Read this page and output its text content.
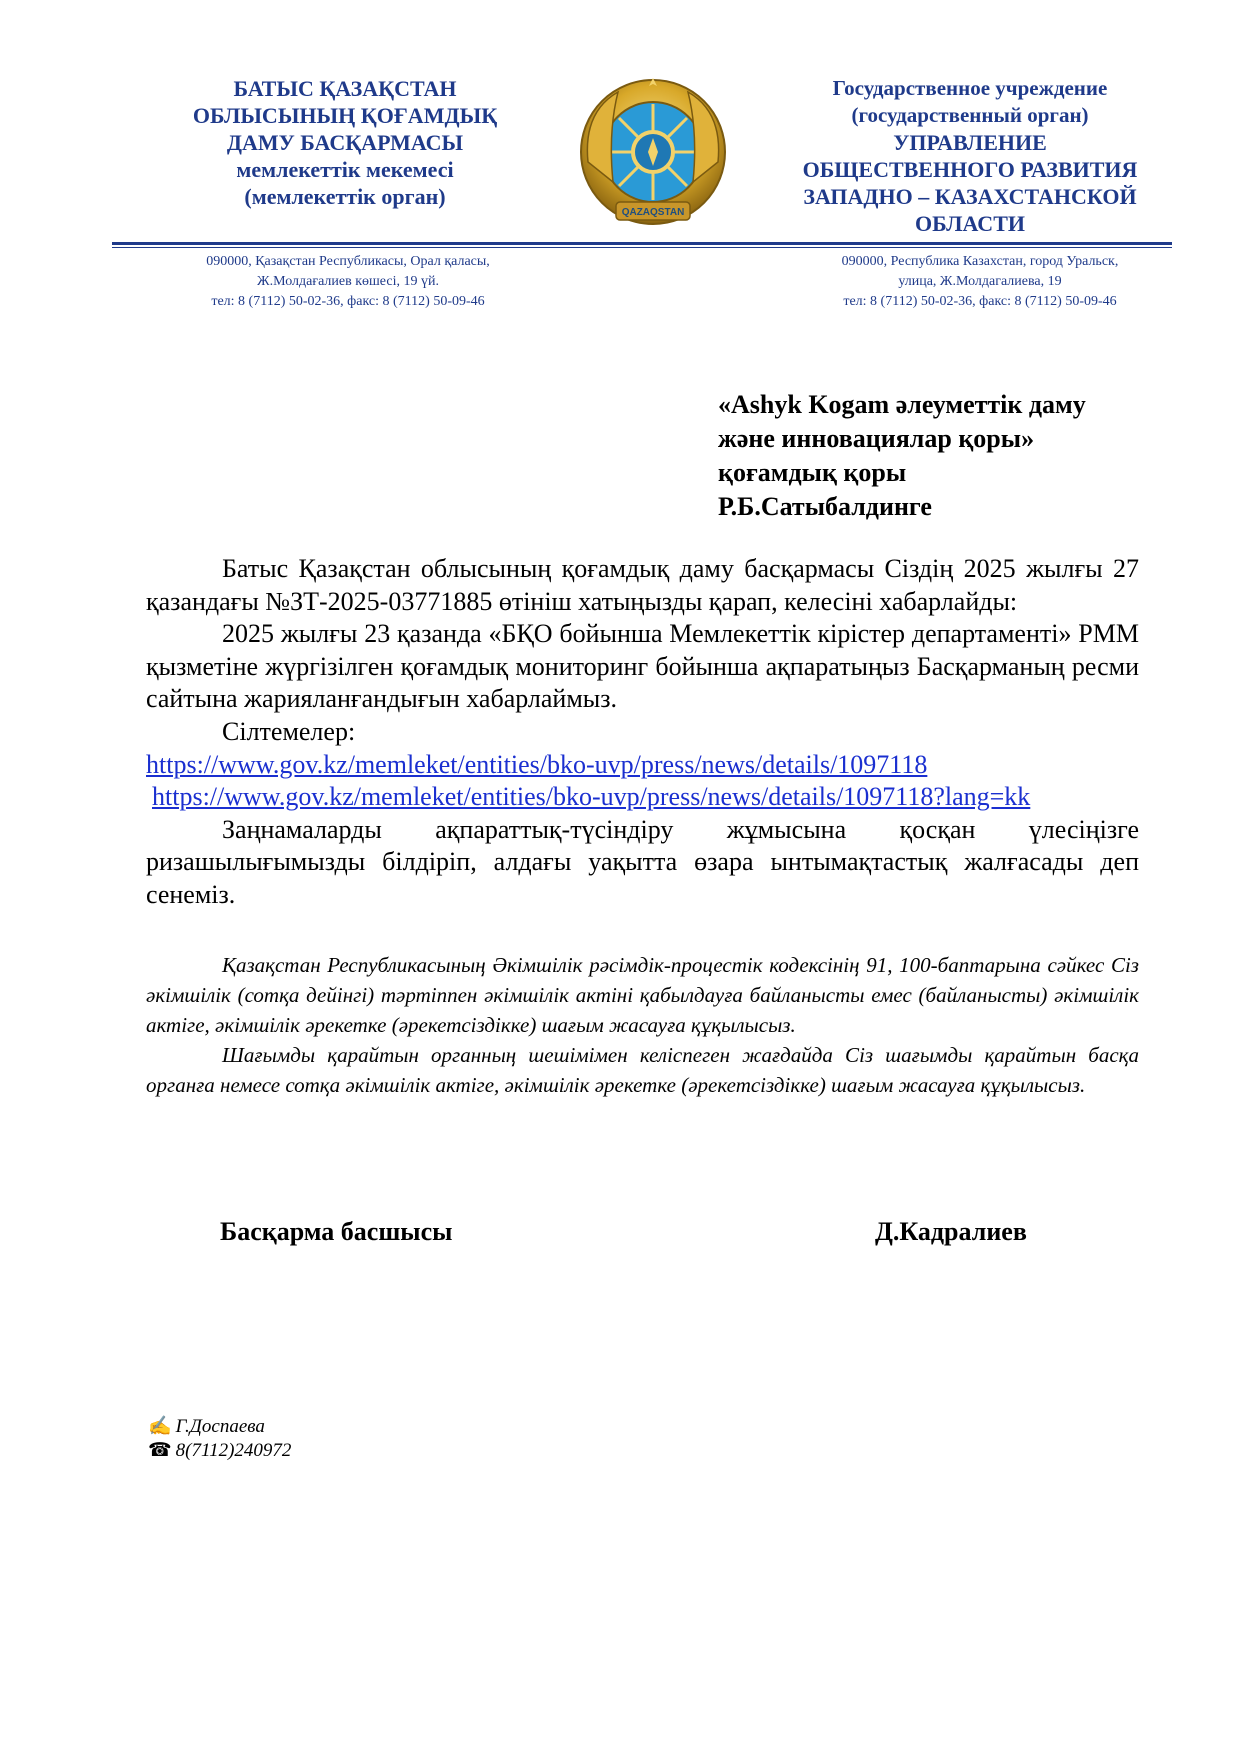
БАТЫС ҚАЗАҚСТАН
ОБЛЫСЫНЫҢ ҚОҒАМДЫҚ
ДАМУ БАСҚАРМАСЫ
мемлекеттік мекемесі
(мемлекеттік орган)
QAZAQSTAN
Государственное учреждение
(государственный орган)
УПРАВЛЕНИЕ
ОБЩЕСТВЕННОГО РАЗВИТИЯ
ЗАПАДНО – КАЗАХСТАНСКОЙ
ОБЛАСТИ
090000, Қазақстан Республикасы, Орал қаласы,
Ж.Молдағалиев көшесі, 19 үй.
тел: 8 (7112) 50-02-36, факс: 8 (7112) 50-09-46
090000, Республика Казахстан, город Уральск,
улица, Ж.Молдагалиева, 19
тел: 8 (7112) 50-02-36, факс: 8 (7112) 50-09-46
«Ashyk Kogam әлеуметтік даму
және инновациялар қоры»
қоғамдық қоры
Р.Б.Сатыбалдинге

Батыс Қазақстан облысының қоғамдық даму басқармасы Сіздің 2025 жылғы 27 қазандағы №ЗТ-2025-03771885 өтініш хатыңызды қарап, келесіні хабарлайды:

2025 жылғы 23 қазанда «БҚО бойынша Мемлекеттік кірістер департаменті» РММ қызметіне жүргізілген қоғамдық мониторинг бойынша ақпаратыңыз Басқарманың ресми сайтына жарияланғандығын хабарлаймыз.

Сілтемелер:

https://www.gov.kz/memleket/entities/bko-uvp/press/news/details/1097118
https://www.gov.kz/memleket/entities/bko-uvp/press/news/details/1097118?lang=kk

Заңнамаларды ақпараттық-түсіндіру жұмысына қосқан үлесіңізге ризашылығымызды білдіріп, алдағы уақытта өзара ынтымақтастық жалғасады деп сенеміз.

Қазақстан Республикасының Әкімшілік рәсімдік-процестік кодексінің 91, 100-баптарына сәйкес Сіз әкімшілік (сотқа дейінгі) тәртіппен әкімшілік актіні қабылдауға байланысты емес (байланысты) әкімшілік актіге, әкімшілік әрекетке (әрекетсіздікке) шағым жасауға құқылысыз.

Шағымды қарайтын органның шешімімен келіспеген жағдайда Сіз шағымды қарайтын басқа органға немесе сотқа әкімшілік актіге, әкімшілік әрекетке (әрекетсіздікке) шағым жасауға құқылысыз.

Басқарма басшысы	Д.Кадралиев
✍ Г.Доспаева
☎ 8(7112)240972
